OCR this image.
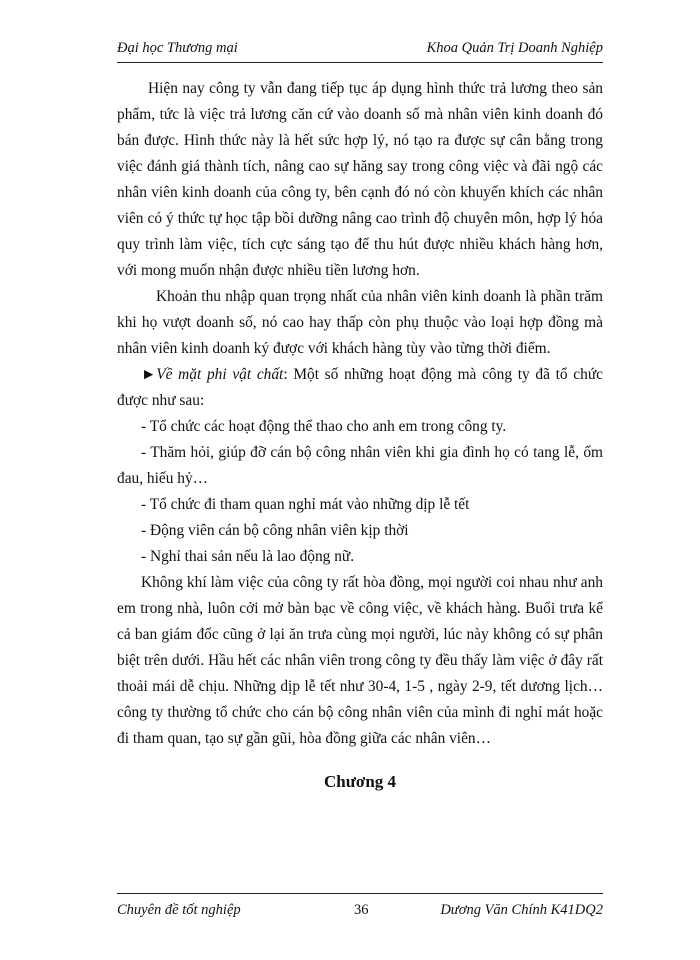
Đại học Thương mại	Khoa Quản Trị Doanh Nghiệp

Hiện nay công ty vẫn đang tiếp tục áp dụng hình thức trả lương theo sản phẩm, tức là việc trả lương căn cứ vào doanh số mà nhân viên kinh doanh đó bán được. Hình thức này là hết sức hợp lý, nó tạo ra được sự cân bằng trong việc đánh giá thành tích, nâng cao sự hăng say trong công việc và đãi ngộ các nhân viên kinh doanh của công ty, bên cạnh đó nó còn khuyến khích các nhân viên có ý thức tự học tập bồi dưỡng nâng cao trình độ chuyên môn, hợp lý hóa quy trình làm việc, tích cực sáng tạo để thu hút được nhiều khách hàng hơn, với mong muốn nhận được nhiều tiền lương hơn.

Khoản thu nhập quan trọng nhất của nhân viên kinh doanh là phần trăm khi họ vượt doanh số, nó cao hay thấp còn phụ thuộc vào loại hợp đồng mà nhân viên kinh doanh ký được với khách hàng tùy vào từng thời điểm.

►Về mặt phi vật chất: Một số những hoạt động mà công ty đã tổ chức được như sau:

- Tổ chức các hoạt động thể thao cho anh em trong công ty.

- Thăm hỏi, giúp đỡ cán bộ công nhân viên khi gia đình họ có tang lễ, ốm đau, hiếu hỷ…

- Tổ chức đi tham quan nghỉ mát vào những dịp lễ tết

- Động viên cán bộ công nhân viên kịp thời

- Nghỉ thai sản nếu là lao động nữ.

Không khí làm việc của công ty rất hòa đồng, mọi người coi nhau như anh em trong nhà, luôn cởi mở bàn bạc về công việc, về khách hàng. Buổi trưa kể cả ban giám đốc cũng ở lại ăn trưa cùng mọi người, lúc này không có sự phân biệt trên dưới. Hầu hết các nhân viên trong công ty đều thấy làm việc ở đây rất thoải mái dễ chịu. Những dịp lễ tết như 30-4, 1-5 , ngày 2-9, tết dương lịch…công ty thường tổ chức cho cán bộ công nhân viên của mình đi nghỉ mát hoặc đi tham quan, tạo sự gần gũi, hòa đồng giữa các nhân viên…

Chương 4
Chuyên đề tốt nghiệp	36	Dương Văn Chính K41DQ2
